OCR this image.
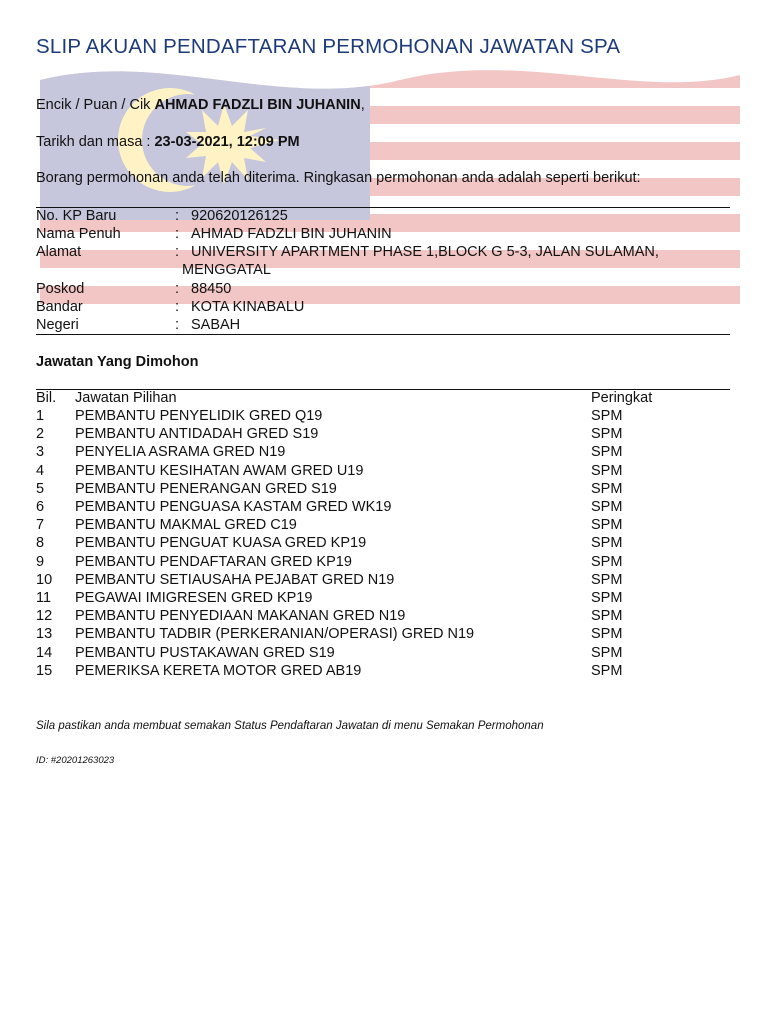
SLIP AKUAN PENDAFTARAN PERMOHONAN JAWATAN SPA
Encik / Puan / Cik AHMAD FADZLI BIN JUHANIN,
Tarikh dan masa : 23-03-2021, 12:09 PM
Borang permohonan anda telah diterima. Ringkasan permohonan anda adalah seperti berikut:
No. KP Baru	: 920620126125
Nama Penuh	: AHMAD FADZLI BIN JUHANIN
Alamat	: UNIVERSITY APARTMENT PHASE 1,BLOCK G 5-3, JALAN SULAMAN,
MENGGATAL
Poskod	: 88450
Bandar	: KOTA KINABALU
Negeri	: SABAH
Jawatan Yang Dimohon
Bil. Jawatan Pilihan	Peringkat
1 PEMBANTU PENYELIDIK GRED Q19	SPM
2 PEMBANTU ANTIDADAH GRED S19	SPM
3 PENYELIA ASRAMA GRED N19	SPM
4 PEMBANTU KESIHATAN AWAM GRED U19	SPM
5 PEMBANTU PENERANGAN GRED S19	SPM
6 PEMBANTU PENGUASA KASTAM GRED WK19	SPM
7 PEMBANTU MAKMAL GRED C19	SPM
8 PEMBANTU PENGUAT KUASA GRED KP19	SPM
9 PEMBANTU PENDAFTARAN GRED KP19	SPM
10 PEMBANTU SETIAUSAHA PEJABAT GRED N19	SPM
11 PEGAWAI IMIGRESEN GRED KP19	SPM
12 PEMBANTU PENYEDIAAN MAKANAN GRED N19	SPM
13 PEMBANTU TADBIR (PERKERANIAN/OPERASI) GRED N19	SPM
14 PEMBANTU PUSTAKAWAN GRED S19	SPM
15 PEMERIKSA KERETA MOTOR GRED AB19	SPM
Sila pastikan anda membuat semakan Status Pendaftaran Jawatan di menu Semakan Permohonan
ID: #20201263023
